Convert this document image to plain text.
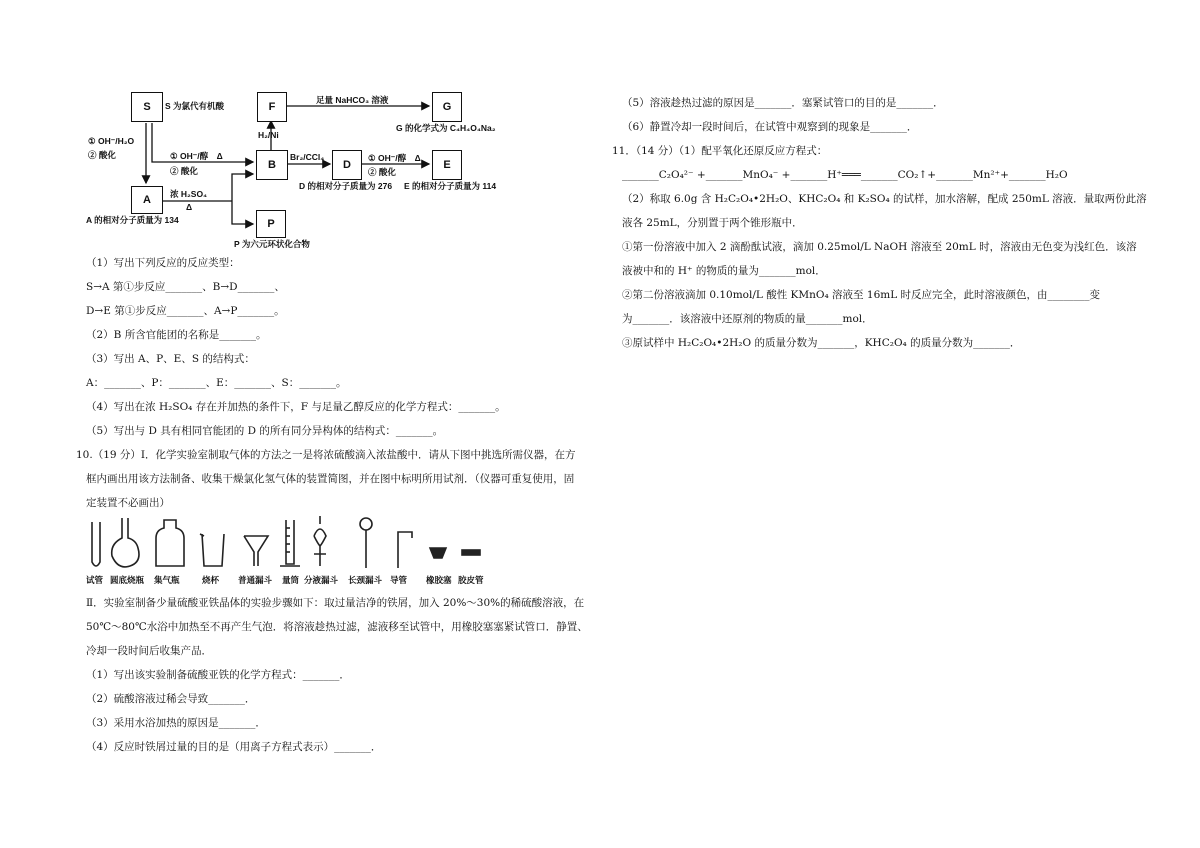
S
A
F	G
B	D	E
P
S 为氯代有机酸
G 的化学式为 C₄H₄O₄Na₂
A 的相对分子质量为 134
D 的相对分子质量为 276 E 的相对分子质量为 114
P 为六元环状化合物
① OH⁻/H₂O
② 酸化	① OH⁻/醇　Δ
② 酸化
足量 NaHCO₃ 溶液
H₂/Ni
Br₂/CCl₄	① OH⁻/醇　Δ
② 酸化
浓 H₂SO₄
Δ
（1）写出下列反应的反应类型：
S→A 第①步反应_______、B→D_______、
D→E 第①步反应_______、A→P_______。
（2）B 所含官能团的名称是_______。
（3）写出 A、P、E、S 的结构式：
A：_______、P：_______、E：_______、S：_______。
（4）写出在浓 H₂SO₄ 存在并加热的条件下，F 与足量乙醇反应的化学方程式：_______。
（5）写出与 D 具有相同官能团的 D 的所有同分异构体的结构式：_______。
10.（19 分）Ⅰ．化学实验室制取气体的方法之一是将浓硫酸滴入浓盐酸中．请从下图中挑选所需仪器，在方
框内画出用该方法制备、收集干燥氯化氢气体的装置简图，并在图中标明所用试剂．（仪器可重复使用，固
定装置不必画出）
试管 圆底烧瓶 集气瓶	烧杯 普通漏斗 量筒 分液漏斗 长颈漏斗 导管 橡胶塞 胶皮管
Ⅱ．实验室制备少量硫酸亚铁晶体的实验步骤如下：取过量洁净的铁屑，加入 20%～30%的稀硫酸溶液，在
50℃～80℃水浴中加热至不再产生气泡．将溶液趁热过滤，滤液移至试管中，用橡胶塞塞紧试管口．静置、
冷却一段时间后收集产品．
（1）写出该实验制备硫酸亚铁的化学方程式：_______．
（2）硫酸溶液过稀会导致_______．
（3）采用水浴加热的原因是_______．
（4）反应时铁屑过量的目的是（用离子方程式表示）_______．
（5）溶液趁热过滤的原因是_______．塞紧试管口的目的是_______．
（6）静置冷却一段时间后，在试管中观察到的现象是_______．
11．（14 分）（1）配平氧化还原反应方程式：
_______C₂O₄²⁻ +_______MnO₄⁻ +_______H⁺═══_______CO₂↑+_______Mn²⁺+_______H₂O
（2）称取 6.0g 含 H₂C₂O₄•2H₂O、KHC₂O₄ 和 K₂SO₄ 的试样，加水溶解，配成 250mL 溶液．量取两份此溶
液各 25mL，分别置于两个锥形瓶中．
①第一份溶液中加入 2 滴酚酞试液，滴加 0.25mol/L NaOH 溶液至 20mL 时，溶液由无色变为浅红色．该溶
液被中和的 H⁺ 的物质的量为_______mol．
②第二份溶液滴加 0.10mol/L 酸性 KMnO₄ 溶液至 16mL 时反应完全，此时溶液颜色，由________变
为_______．该溶液中还原剂的物质的量_______mol．
③原试样中 H₂C₂O₄•2H₂O 的质量分数为_______，KHC₂O₄ 的质量分数为_______．
